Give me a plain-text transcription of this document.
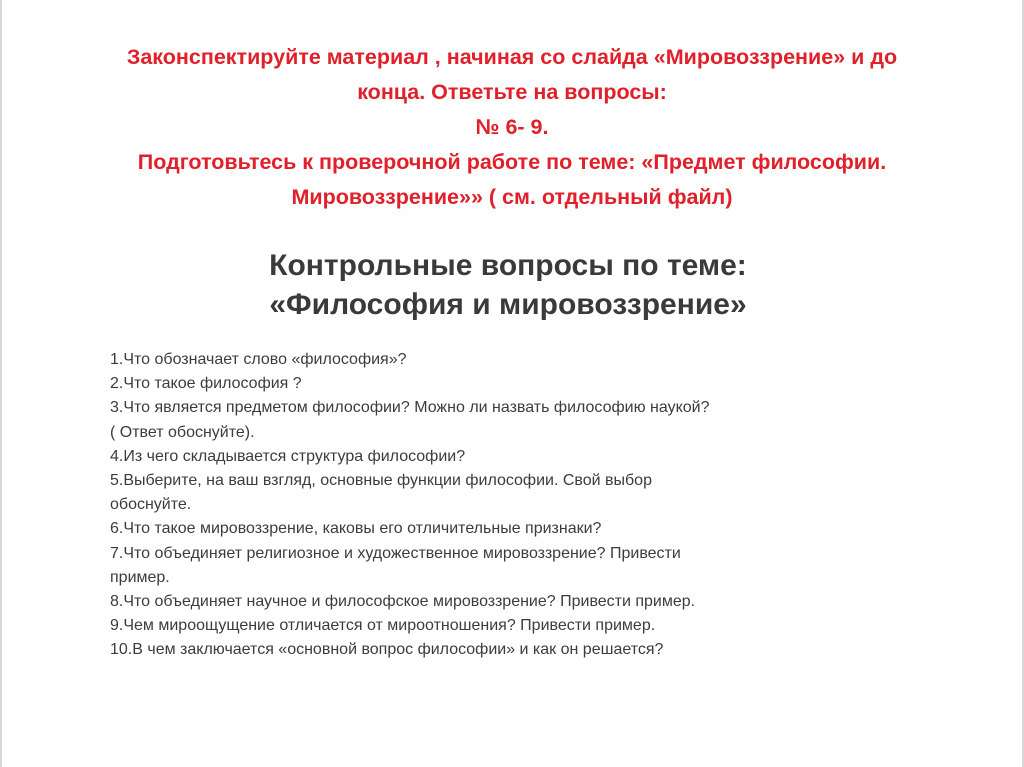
Законспектируйте материал , начиная со слайда «Мировоззрение» и до
конца. Ответьте на вопросы:
№ 6- 9.
Подготовьтесь к проверочной работе по теме: «Предмет философии.
Мировоззрение»» ( см. отдельный файл)
Контрольные вопросы по теме:
«Философия и мировоззрение»
1.Что обозначает слово «философия»?
2.Что такое философия ?
3.Что является предметом философии? Можно ли назвать философию наукой?
( Ответ обоснуйте).
4.Из чего складывается структура философии?
5.Выберите, на ваш взгляд, основные функции философии. Свой выбор
обоснуйте.
6.Что такое мировоззрение, каковы его отличительные признаки?
7.Что объединяет религиозное и художественное мировоззрение? Привести
пример.
8.Что объединяет научное и философское мировоззрение? Привести пример.
9.Чем мироощущение отличается от мироотношения? Привести пример.
10.В чем заключается «основной вопрос философии» и как он решается?
